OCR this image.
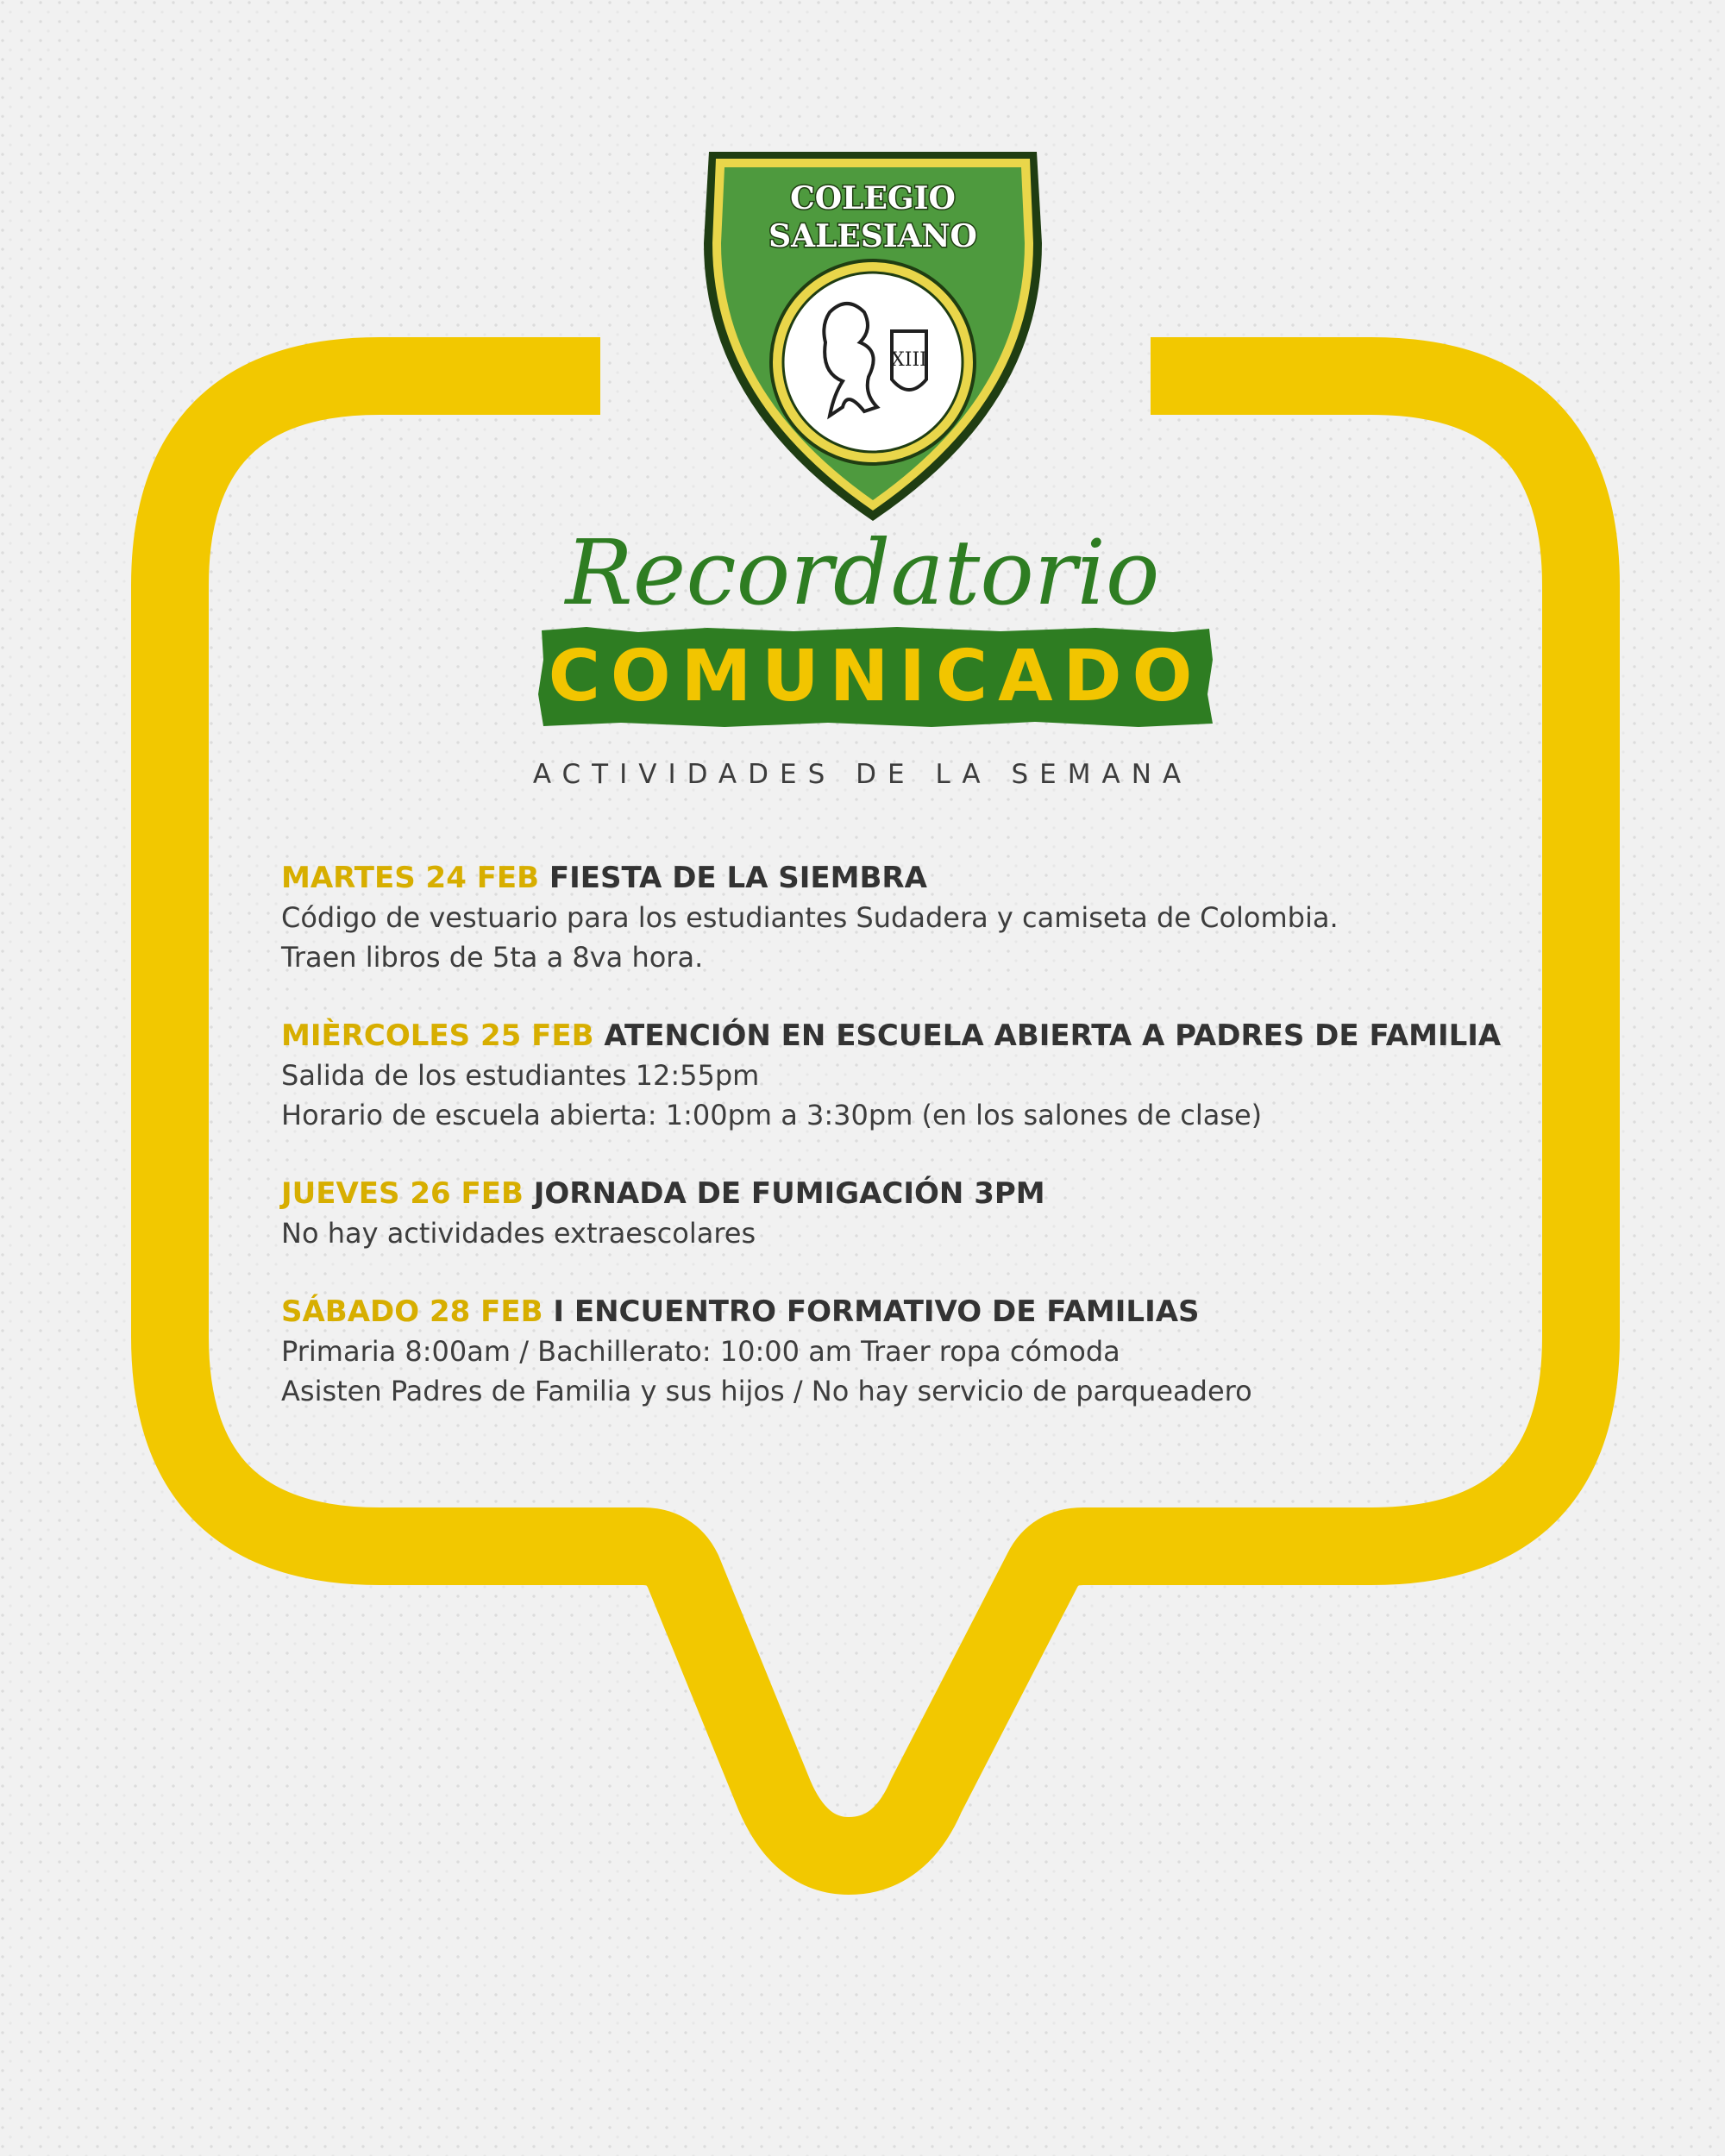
COLEGIO
SALESIANO
XIII
Recordatorio
COMUNICADO
ACTIVIDADES DE LA SEMANA
MARTES 24 FEB FIESTA DE LA SIEMBRA
Código de vestuario para los estudiantes Sudadera y camiseta de Colombia.
Traen libros de 5ta a 8va hora.
MIÈRCOLES 25 FEB ATENCIÓN EN ESCUELA ABIERTA A PADRES DE FAMILIA
Salida de los estudiantes 12:55pm
Horario de escuela abierta: 1:00pm a 3:30pm (en los salones de clase)
JUEVES 26 FEB JORNADA DE FUMIGACIÓN 3PM
No hay actividades extraescolares
SÁBADO 28 FEB I ENCUENTRO FORMATIVO DE FAMILIAS
Primaria 8:00am / Bachillerato: 10:00 am Traer ropa cómoda
Asisten Padres de Familia y sus hijos / No hay servicio de parqueadero
